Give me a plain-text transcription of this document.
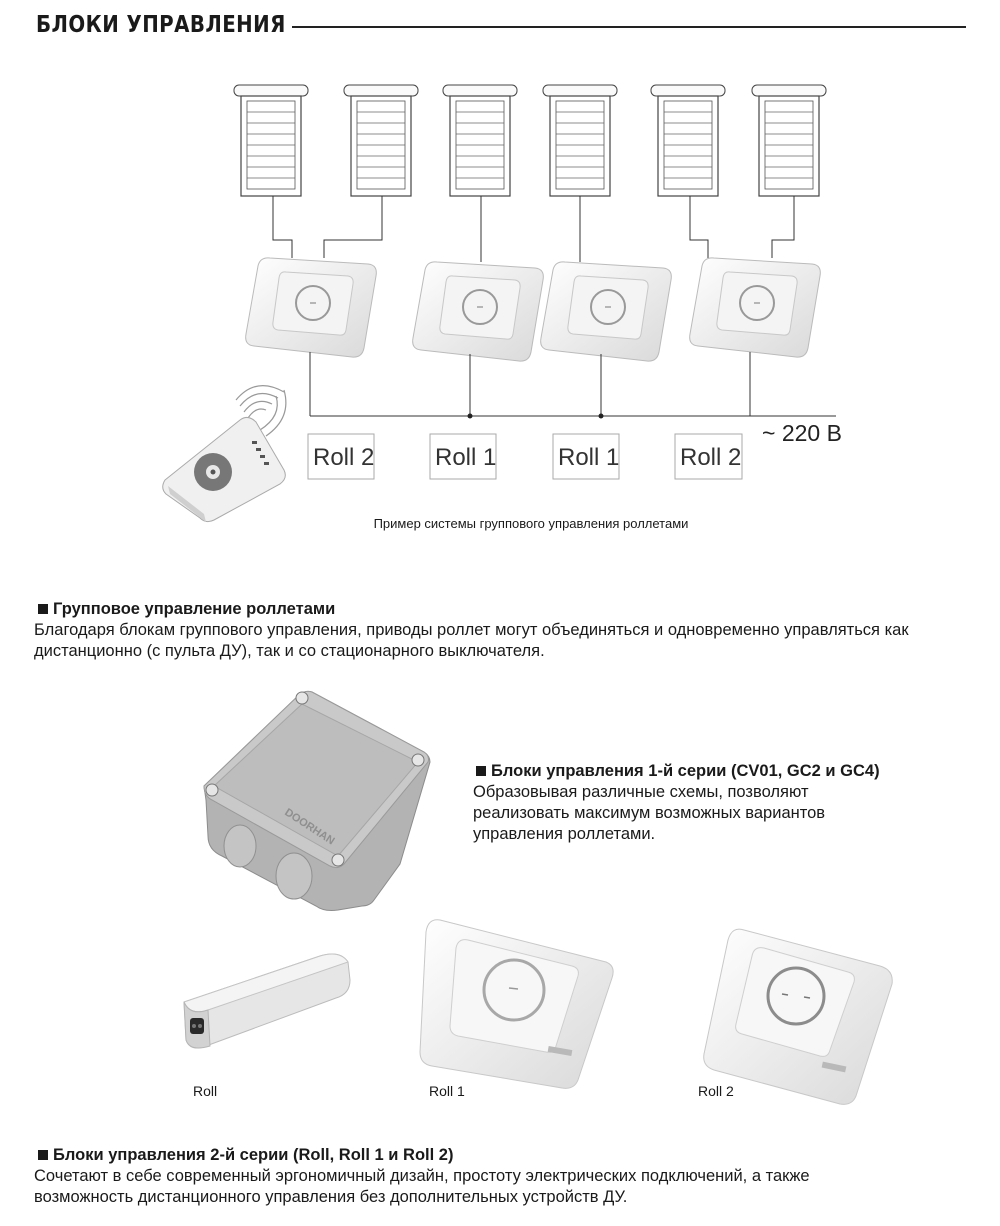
БЛОКИ УПРАВЛЕНИЯ
DOORHAN
Roll 2	Roll 1	Roll 1	Roll 2
~ 220 В
Пример системы группового управления роллетами
Групповое управление роллетами
Благодаря блокам группового управления, приводы роллет могут объединяться и одновременно управляться как
дистанционно (с пульта ДУ), так и со стационарного выключателя.
Блоки управления 1-й серии (CV01, GC2 и GC4)
Образовывая различные схемы, позволяют
реализовать максимум возможных вариантов
управления роллетами.
Roll	Roll 1	Roll 2
Блоки управления 2-й серии (Roll, Roll 1 и Roll 2)
Сочетают в себе современный эргономичный дизайн, простоту электрических подключений, а также
возможность дистанционного управления без дополнительных устройств ДУ.
